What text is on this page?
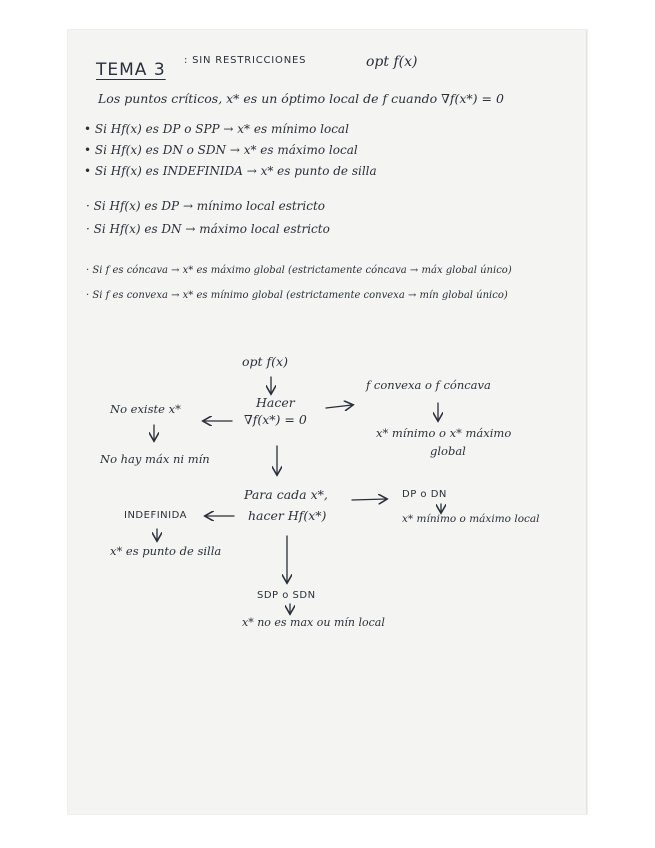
TEMA 3 : SIN RESTRICCIONES	opt f(x)
Los puntos críticos, x* es un óptimo local de f cuando ∇f(x*) = 0
• Si Hf(x) es DP o SPP → x* es mínimo local
• Si Hf(x) es DN o SDN → x* es máximo local
• Si Hf(x) es INDEFINIDA → x* es punto de silla
· Si Hf(x) es DP → mínimo local estricto
· Si Hf(x) es DN → máximo local estricto
· Si f es cóncava → x* es máximo global (estrictamente cóncava → máx global único)
· Si f es convexa → x* es mínimo global (estrictamente convexa → mín global único)
opt f(x)
Hacer
∇f(x*) = 0
No existe x*
No hay máx ni mín
f convexa o f cóncava
x* mínimo o x* máximo
global
Para cada x*,
hacer Hf(x*)
INDEFINIDA
x* es punto de silla
DP o DN
x* mínimo o máximo local
SDP o SDN
x* no es max ou mín local
